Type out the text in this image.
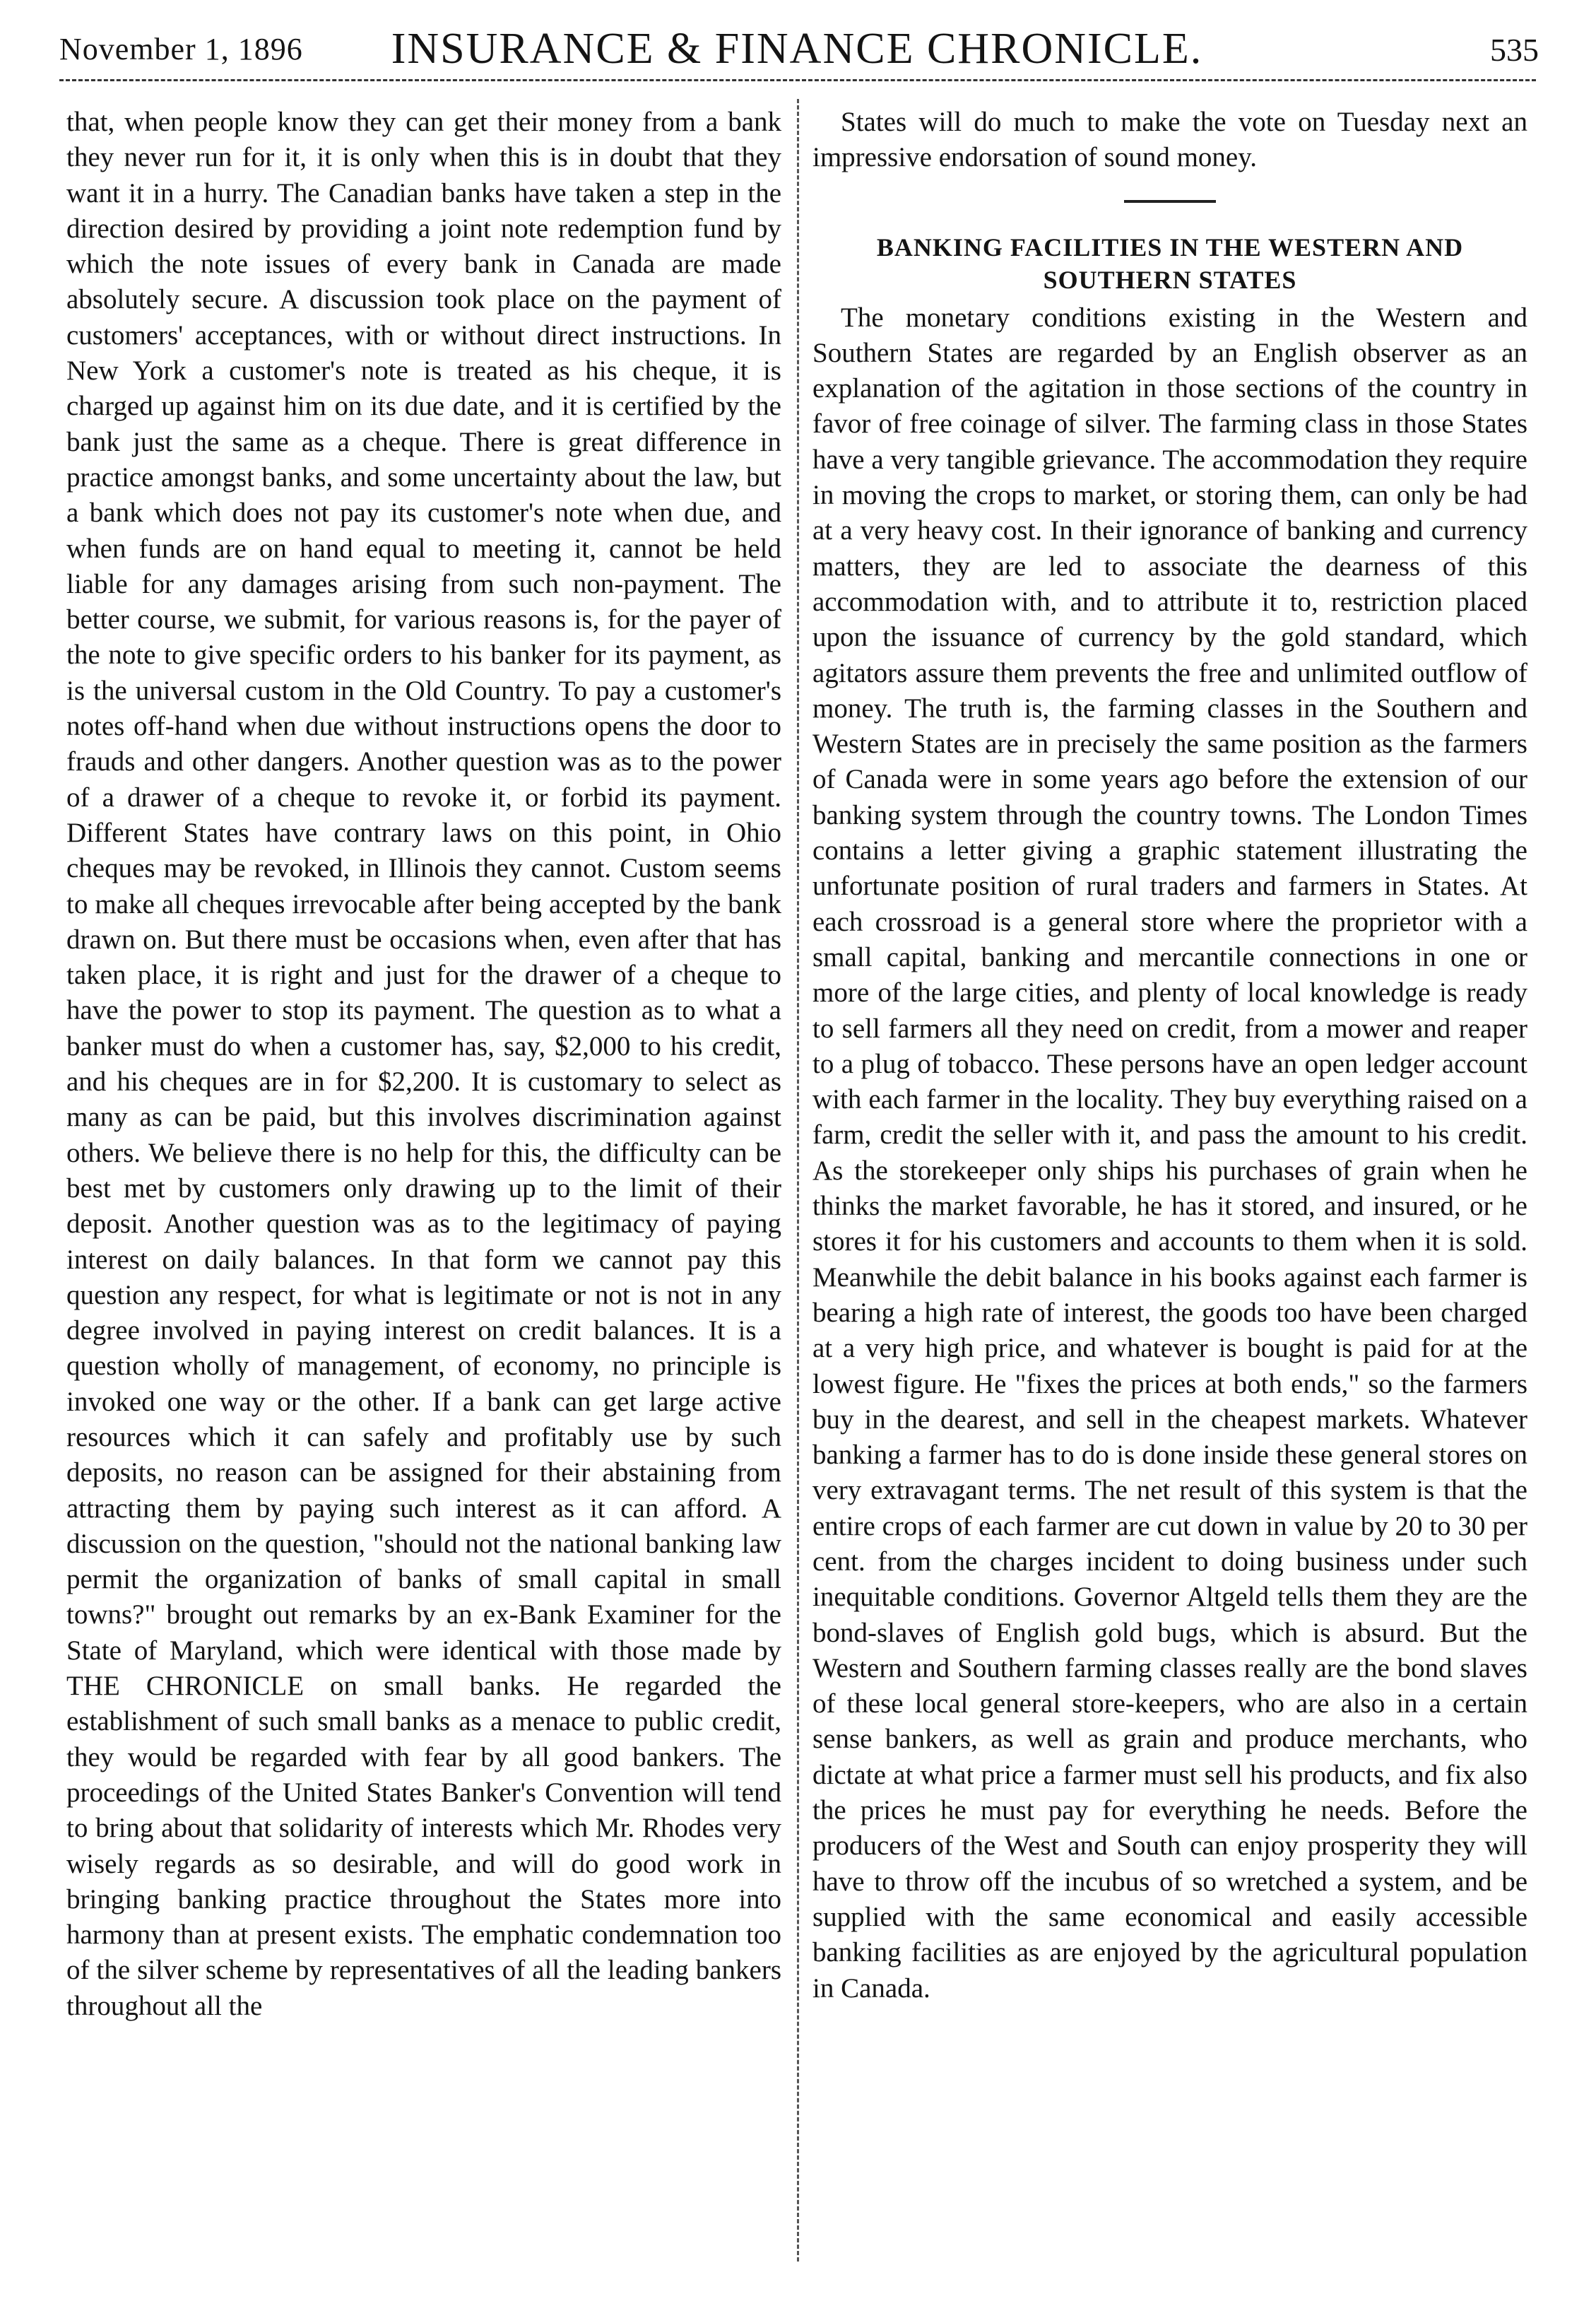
November 1, 1896	INSURANCE & FINANCE CHRONICLE.	535

that, when people know they can get their money from a bank they never run for it, it is only when this is in doubt that they want it in a hurry. The Canadian banks have taken a step in the direction desired by providing a joint note redemption fund by which the note issues of every bank in Canada are made absolutely secure. A discussion took place on the payment of customers' acceptances, with or without direct instructions. In New York a customer's note is treated as his cheque, it is charged up against him on its due date, and it is certified by the bank just the same as a cheque. There is great difference in practice amongst banks, and some uncertainty about the law, but a bank which does not pay its customer's note when due, and when funds are on hand equal to meeting it, cannot be held liable for any damages arising from such non-payment. The better course, we submit, for various reasons is, for the payer of the note to give specific orders to his banker for its payment, as is the universal custom in the Old Country. To pay a customer's notes off-hand when due without instructions opens the door to frauds and other dangers. Another question was as to the power of a drawer of a cheque to revoke it, or forbid its payment. Different States have contrary laws on this point, in Ohio cheques may be revoked, in Illinois they cannot. Custom seems to make all cheques irrevocable after being accepted by the bank drawn on. But there must be occasions when, even after that has taken place, it is right and just for the drawer of a cheque to have the power to stop its payment. The question as to what a banker must do when a customer has, say, $2,000 to his credit, and his cheques are in for $2,200. It is customary to select as many as can be paid, but this involves discrimination against others. We believe there is no help for this, the difficulty can be best met by customers only drawing up to the limit of their deposit. Another question was as to the legitimacy of paying interest on daily balances. In that form we cannot pay this question any respect, for what is legitimate or not is not in any degree involved in paying interest on credit balances. It is a question wholly of management, of economy, no principle is invoked one way or the other. If a bank can get large active resources which it can safely and profitably use by such deposits, no reason can be assigned for their abstaining from attracting them by paying such interest as it can afford. A discussion on the question, "should not the national banking law permit the organization of banks of small capital in small towns?" brought out remarks by an ex-Bank Examiner for the State of Maryland, which were identical with those made by THE CHRONICLE on small banks. He regarded the establishment of such small banks as a menace to public credit, they would be regarded with fear by all good bankers. The proceedings of the United States Banker's Convention will tend to bring about that solidarity of interests which Mr. Rhodes very wisely regards as so desirable, and will do good work in bringing banking practice throughout the States more into harmony than at present exists. The emphatic condemnation too of the silver scheme by representatives of all the leading bankers throughout all the

States will do much to make the vote on Tuesday next an impressive endorsation of sound money.

BANKING FACILITIES IN THE WESTERN AND
SOUTHERN STATES

The monetary conditions existing in the Western and Southern States are regarded by an English observer as an explanation of the agitation in those sections of the country in favor of free coinage of silver. The farming class in those States have a very tangible grievance. The accommodation they require in moving the crops to market, or storing them, can only be had at a very heavy cost. In their ignorance of banking and currency matters, they are led to associate the dearness of this accommodation with, and to attribute it to, restriction placed upon the issuance of currency by the gold standard, which agitators assure them prevents the free and unlimited outflow of money. The truth is, the farming classes in the Southern and Western States are in precisely the same position as the farmers of Canada were in some years ago before the extension of our banking system through the country towns. The London Times contains a letter giving a graphic statement illustrating the unfortunate position of rural traders and farmers in States. At each crossroad is a general store where the proprietor with a small capital, banking and mercantile connections in one or more of the large cities, and plenty of local knowledge is ready to sell farmers all they need on credit, from a mower and reaper to a plug of tobacco. These persons have an open ledger account with each farmer in the locality. They buy everything raised on a farm, credit the seller with it, and pass the amount to his credit. As the storekeeper only ships his purchases of grain when he thinks the market favorable, he has it stored, and insured, or he stores it for his customers and accounts to them when it is sold. Meanwhile the debit balance in his books against each farmer is bearing a high rate of interest, the goods too have been charged at a very high price, and whatever is bought is paid for at the lowest figure. He "fixes the prices at both ends," so the farmers buy in the dearest, and sell in the cheapest markets. Whatever banking a farmer has to do is done inside these general stores on very extravagant terms. The net result of this system is that the entire crops of each farmer are cut down in value by 20 to 30 per cent. from the charges incident to doing business under such inequitable conditions. Governor Altgeld tells them they are the bond-slaves of English gold bugs, which is absurd. But the Western and Southern farming classes really are the bond slaves of these local general store-keepers, who are also in a certain sense bankers, as well as grain and produce merchants, who dictate at what price a farmer must sell his products, and fix also the prices he must pay for everything he needs. Before the producers of the West and South can enjoy prosperity they will have to throw off the incubus of so wretched a system, and be supplied with the same economical and easily accessible banking facilities as are enjoyed by the agricultural population in Canada.
